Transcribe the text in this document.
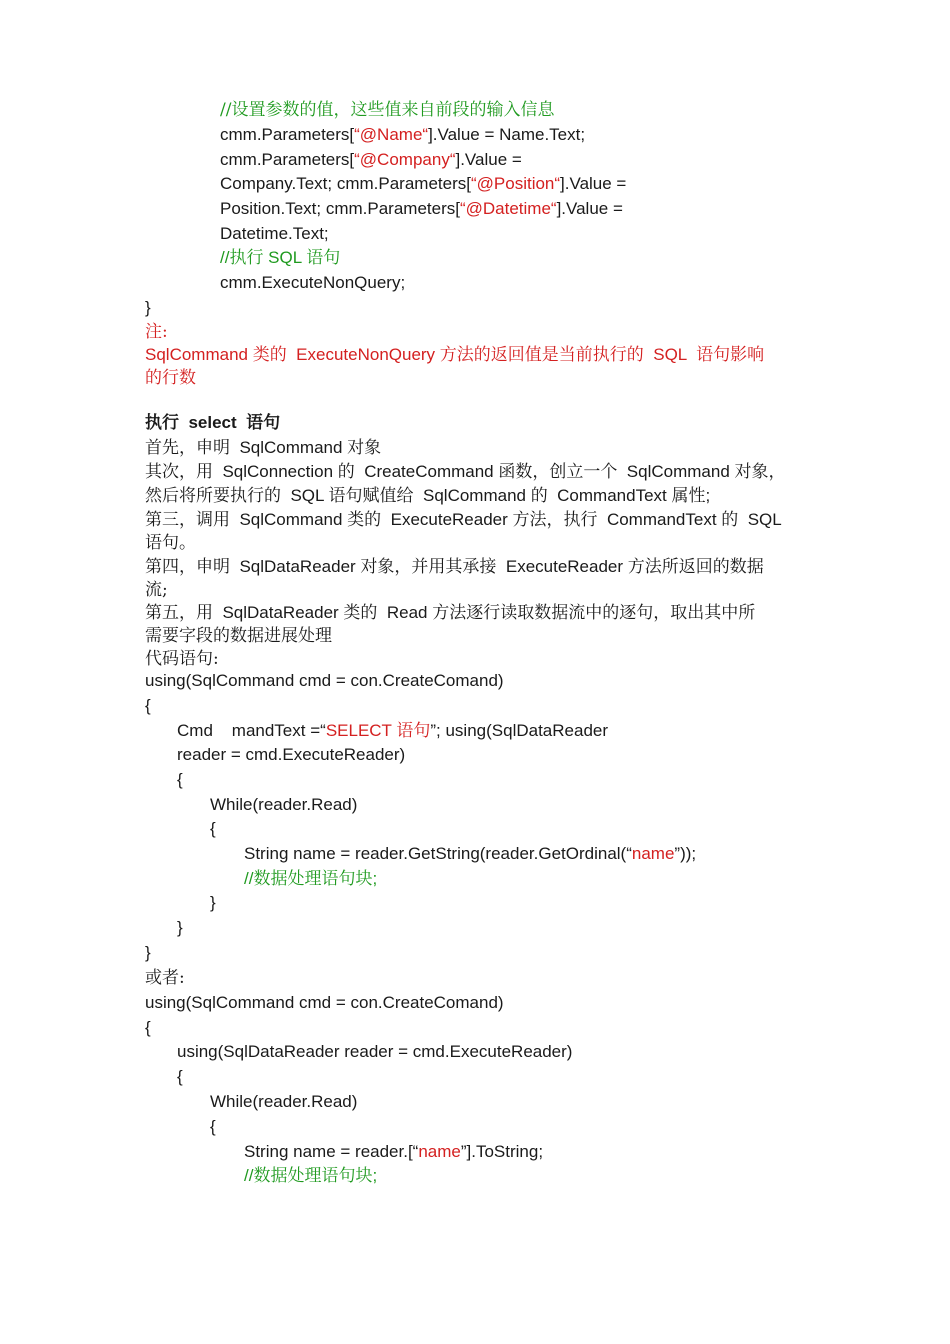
//设置参数的值，这些值来自前段的输入信息
cmm.Parameters[“@Name“].Value = Name.Text;
cmm.Parameters[“@Company“].Value =
Company.Text; cmm.Parameters[“@Position“].Value =
Position.Text; cmm.Parameters[“@Datetime“].Value =
Datetime.Text;
//执行 SQL 语句
cmm.ExecuteNonQuery;
}
注:
SqlCommand 类的  ExecuteNonQuery 方法的返回值是当前执行的  SQL  语句影响
的行数
执行  select  语句
首先，申明  SqlCommand 对象
其次，用  SqlConnection 的  CreateCommand 函数，创立一个  SqlCommand 对象，
然后将所要执行的  SQL 语句赋值给  SqlCommand 的  CommandText 属性;
第三，调用  SqlCommand 类的  ExecuteReader 方法，执行  CommandText 的  SQL
语句。
第四，申明  SqlDataReader 对象，并用其承接  ExecuteReader 方法所返回的数据
流;
第五，用  SqlDataReader 类的  Read 方法逐行读取数据流中的逐句，取出其中所
需要字段的数据进展处理
代码语句:
using(SqlCommand cmd = con.CreateComand)
{
Cmd    mandText =“SELECT 语句”; using(SqlDataReader
reader = cmd.ExecuteReader)
{
While(reader.Read)
{
String name = reader.GetString(reader.GetOrdinal(“name”));
//数据处理语句块;
}
}
}
或者:
using(SqlCommand cmd = con.CreateComand)
{
using(SqlDataReader reader = cmd.ExecuteReader)
{
While(reader.Read)
{
String name = reader.[“name”].ToString;
//数据处理语句块;
